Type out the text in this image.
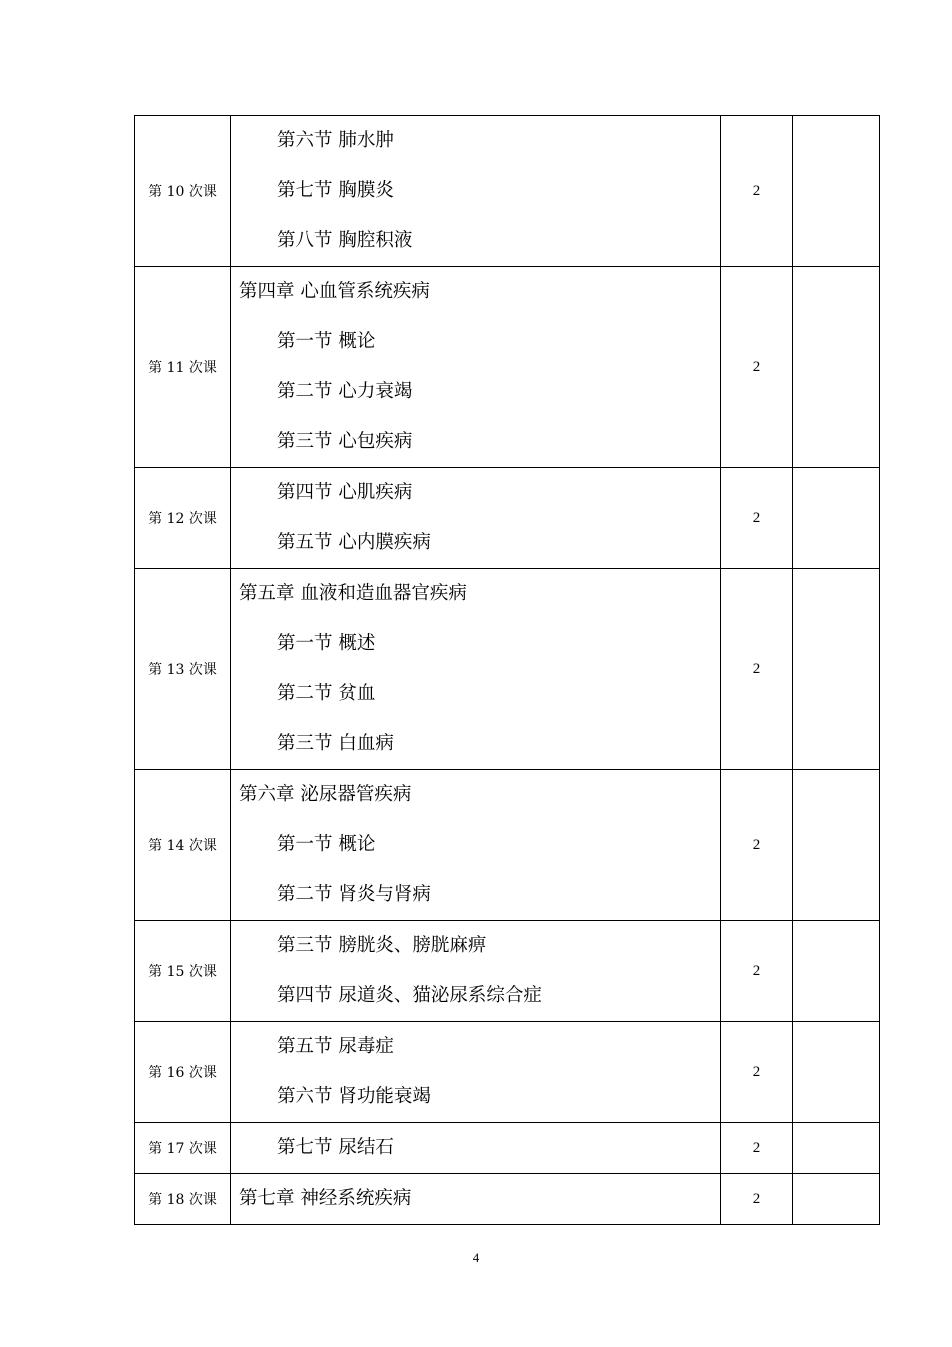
第 10 次课	第六节 肺水肿
第七节 胸膜炎
第八节 胸腔积液	2	
第 11 次课	第四章 心血管系统疾病
第一节 概论
第二节 心力衰竭
第三节 心包疾病	2	
第 12 次课	第四节 心肌疾病
第五节 心内膜疾病	2	
第 13 次课	第五章 血液和造血器官疾病
第一节 概述
第二节 贫血
第三节 白血病	2	
第 14 次课	第六章 泌尿器管疾病
第一节 概论
第二节 肾炎与肾病	2	
第 15 次课	第三节 膀胱炎、膀胱麻痹
第四节 尿道炎、猫泌尿系综合症	2	
第 16 次课	第五节 尿毒症
第六节 肾功能衰竭	2	
第 17 次课	第七节 尿结石	2	
第 18 次课	第七章 神经系统疾病	2	
4
